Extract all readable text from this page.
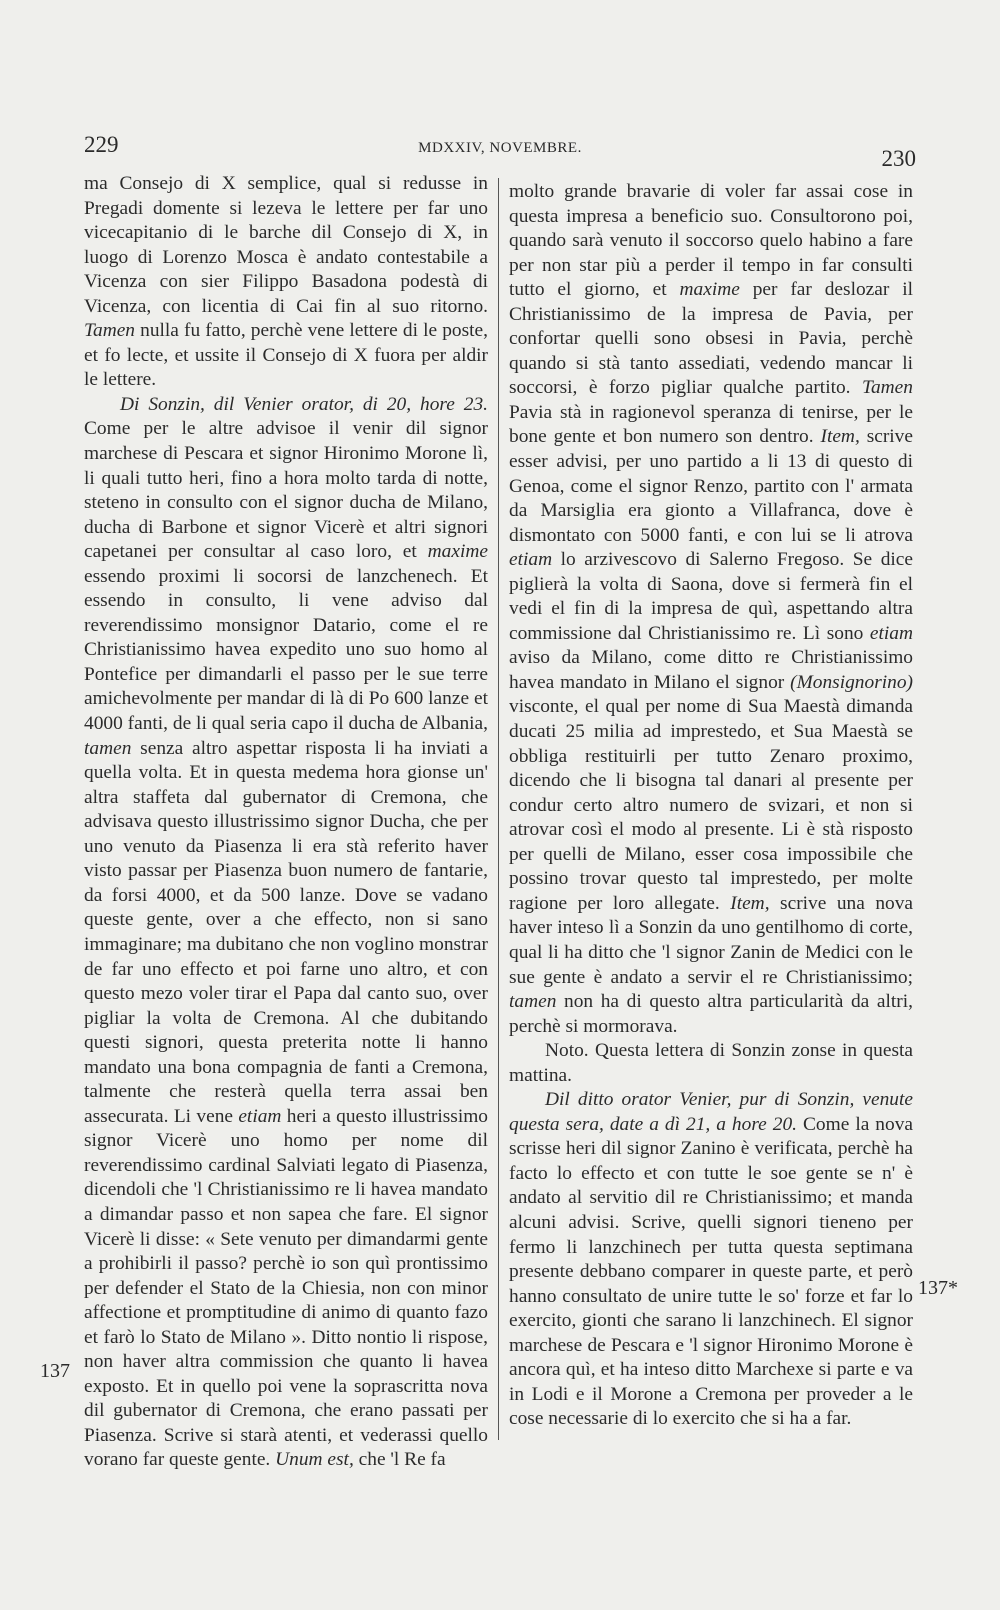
229	MDXXIV, NOVEMBRE.	230
137
137*

ma Consejo di X semplice, qual si redusse in Pregadi domente si lezeva le lettere per far uno vicecapitanio di le barche dil Consejo di X, in luogo di Lorenzo Mosca è andato contestabile a Vicenza con sier Filippo Basadona podestà di Vicenza, con licentia di Cai fin al suo ritorno. Tamen nulla fu fatto, perchè vene lettere di le poste, et fo lecte, et ussite il Consejo di X fuora per aldir le lettere.

Di Sonzin, dil Venier orator, di 20, hore 23. Come per le altre advisoe il venir dil signor marchese di Pescara et signor Hironimo Morone lì, li quali tutto heri, fino a hora molto tarda di notte, steteno in consulto con el signor ducha de Milano, ducha di Barbone et signor Vicerè et altri signori capetanei per consultar al caso loro, et maxime essendo proximi li socorsi de lanzchenech. Et essendo in consulto, li vene adviso dal reverendissimo monsignor Datario, come el re Christianissimo havea expedito uno suo homo al Pontefice per dimandarli el passo per le sue terre amichevolmente per mandar di là di Po 600 lanze et 4000 fanti, de li qual seria capo il ducha de Albania, tamen senza altro aspettar risposta li ha inviati a quella volta. Et in questa medema hora gionse un' altra staffeta dal gubernator di Cremona, che advisava questo illustrissimo signor Ducha, che per uno venuto da Piasenza li era stà referito haver visto passar per Piasenza buon numero de fantarie, da forsi 4000, et da 500 lanze. Dove se vadano queste gente, over a che effecto, non si sano immaginare; ma dubitano che non voglino monstrar de far uno effecto et poi farne uno altro, et con questo mezo voler tirar el Papa dal canto suo, over pigliar la volta de Cremona. Al che dubitando questi signori, questa preterita notte li hanno mandato una bona compagnia de fanti a Cremona, talmente che resterà quella terra assai ben assecurata. Li vene etiam heri a questo illustrissimo signor Vicerè uno homo per nome dil reverendissimo cardinal Salviati legato di Piasenza, dicendoli che 'l Christianissimo re li havea mandato a dimandar passo et non sapea che fare. El signor Vicerè li disse: « Sete venuto per dimandarmi gente a prohibirli il passo? perchè io son quì prontissimo per defender el Stato de la Chiesia, non con minor affectione et promptitudine di animo di quanto fazo et farò lo Stato de Milano ». Ditto nontio li rispose, non haver altra commission che quanto li havea exposto. Et in quello poi vene la soprascritta nova dil gubernator di Cremona, che erano passati per Piasenza. Scrive si starà atenti, et vederassi quello vorano far queste gente. Unum est, che 'l Re fa

molto grande bravarie di voler far assai cose in questa impresa a beneficio suo. Consultorono poi, quando sarà venuto il soccorso quelo habino a fare per non star più a perder il tempo in far consulti tutto el giorno, et maxime per far deslozar il Christianissimo de la impresa de Pavia, per confortar quelli sono obsesi in Pavia, perchè quando si stà tanto assediati, vedendo mancar li soccorsi, è forzo pigliar qualche partito. Tamen Pavia stà in ragionevol speranza di tenirse, per le bone gente et bon numero son dentro. Item, scrive esser advisi, per uno partido a li 13 di questo di Genoa, come el signor Renzo, partito con l' armata da Marsiglia era gionto a Villafranca, dove è dismontato con 5000 fanti, e con lui se li atrova etiam lo arzivescovo di Salerno Fregoso. Se dice piglierà la volta di Saona, dove si fermerà fin el vedi el fin di la impresa de quì, aspettando altra commissione dal Christianissimo re. Lì sono etiam aviso da Milano, come ditto re Christianissimo havea mandato in Milano el signor (Monsignorino) visconte, el qual per nome di Sua Maestà dimanda ducati 25 milia ad imprestedo, et Sua Maestà se obbliga restituirli per tutto Zenaro proximo, dicendo che li bisogna tal danari al presente per condur certo altro numero de svizari, et non si atrovar così el modo al presente. Li è stà risposto per quelli de Milano, esser cosa impossibile che possino trovar questo tal imprestedo, per molte ragione per loro allegate. Item, scrive una nova haver inteso lì a Sonzin da uno gentilhomo di corte, qual li ha ditto che 'l signor Zanin de Medici con le sue gente è andato a servir el re Christianissimo; tamen non ha di questo altra particularità da altri, perchè si mormorava.

Noto. Questa lettera di Sonzin zonse in questa mattina.

Dil ditto orator Venier, pur di Sonzin, venute questa sera, date a dì 21, a hore 20. Come la nova scrisse heri dil signor Zanino è verificata, perchè ha facto lo effecto et con tutte le soe gente se n' è andato al servitio dil re Christianissimo; et manda alcuni advisi. Scrive, quelli signori tieneno per fermo li lanzchinech per tutta questa septimana presente debbano comparer in queste parte, et però hanno consultato de unire tutte le so' forze et far lo exercito, gionti che sarano li lanzchinech. El signor marchese de Pescara e 'l signor Hironimo Morone è ancora quì, et ha inteso ditto Marchexe si parte e va in Lodi e il Morone a Cremona per proveder a le cose necessarie di lo exercito che si ha a far.
